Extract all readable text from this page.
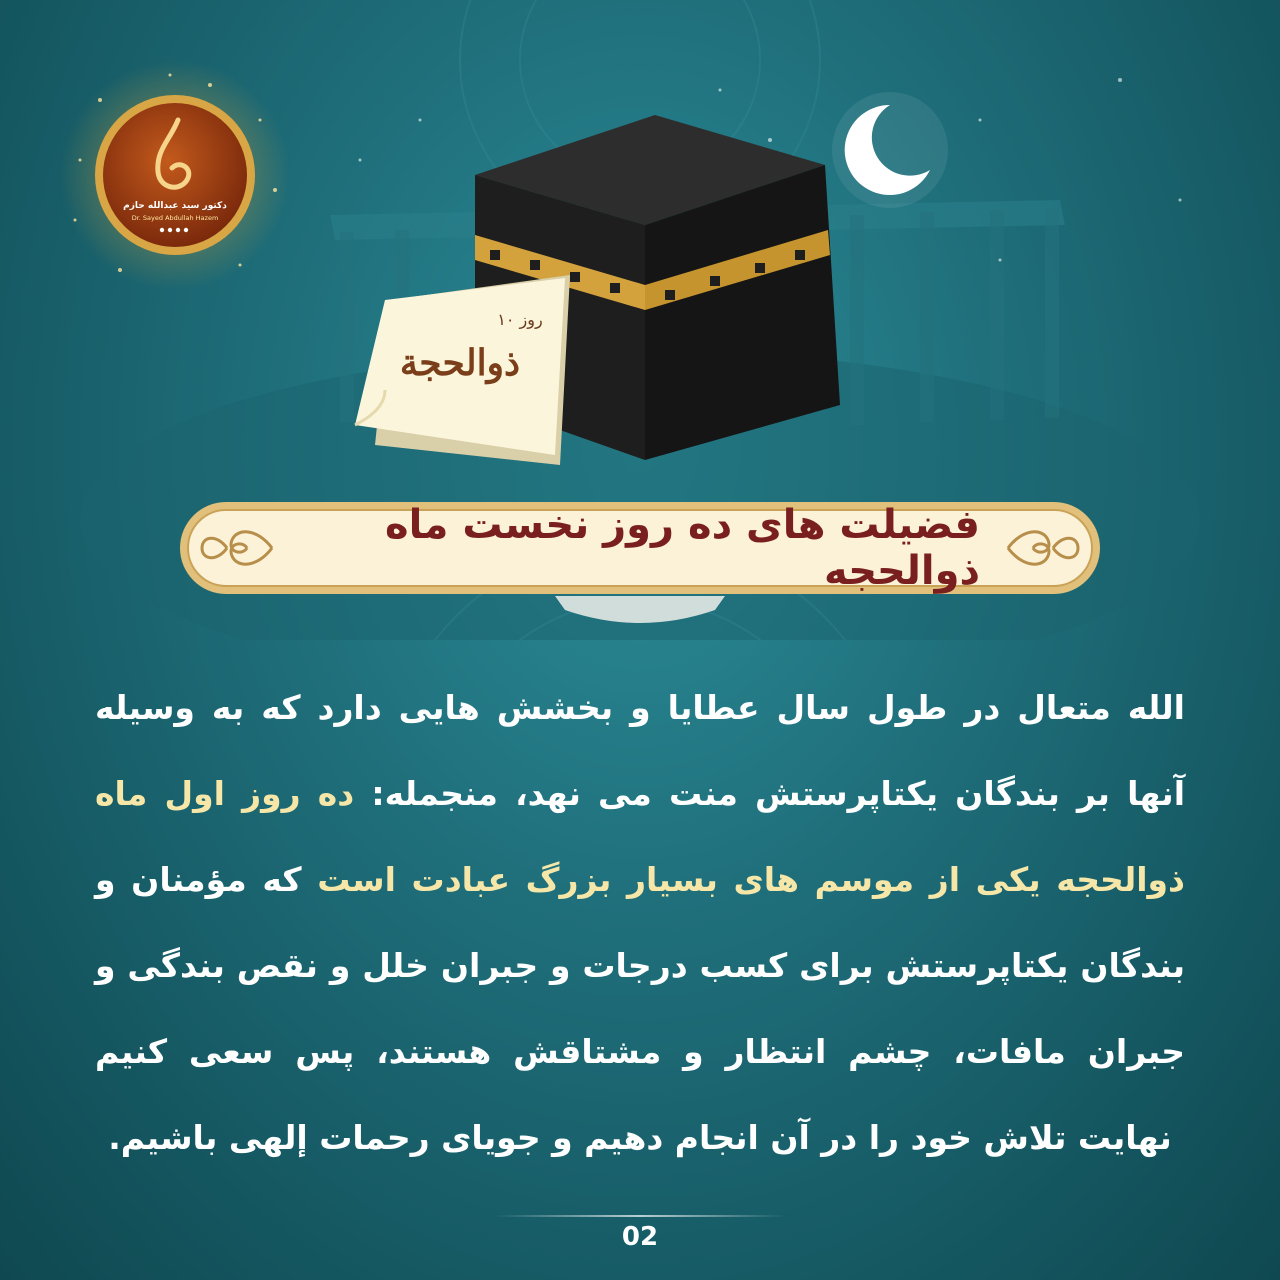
دکتور سید عبدالله حازم
Dr. Sayed Abdullah Hazem
۱۰ روز
ذوالحجة
فضیلت های ده روز نخست ماه ذوالحجه
الله متعال در طول سال عطایا و بخشش هایی دارد که به وسیله آنها بر بندگان یکتاپرستش منت می نهد، منجمله: ده روز اول ماه ذوالحجه یکی از موسم های بسیار بزرگ عبادت است که مؤمنان و بندگان یکتاپرستش برای کسب درجات و جبران خلل و نقص بندگی و جبران مافات، چشم انتظار و مشتاقش هستند، پس سعی کنیم نهایت تلاش خود را در آن انجام دهیم و جویای رحمات إلهی باشیم.
02
